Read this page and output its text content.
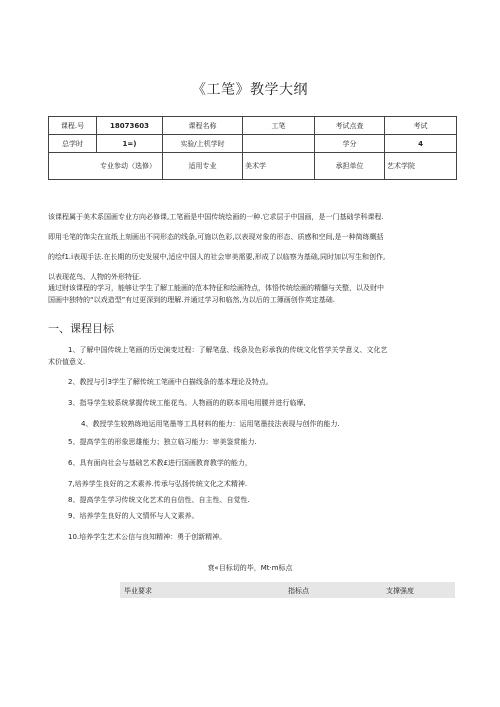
《工笔》教学大纲
课程.号	18073603	课程名称	工笔	考试点查	考试
总学时	1=)	实验/上机学时		学分	4
专业参动（选修）		适用专业	美术学	承担单位	艺术学院

该课程属于美术系国画专业方向必修课,工笔画是中国传统绘画的一种.它求层于中国画，是一门基础学科课程.
即用毛笔的饰尖在宣纸上刻画出不同形态的线条,可施以色彩,以表现对象的形态、质感和空间,是一种简练概括
的绘f1.i表现手法.在长期的历史发展中,适应中国人的社会审美需要,形成了以临察为基础,同时加以写生和创作,
以表现花鸟、人物的外形特征.

通过财该课程的学习，能够让学生了解工能画的范本特征和绘画特点，体悟传统绘画的精髓与关整，以及财中
国画中独特的“以戏造型”有过更深到的理解.并通过学习和临然,为以后的工簿画创作英定基础.

一、课程目标

1、了解中国传统上笔画的历史演变过程：了解笔盘、线条及色彩承我的传统文化哲学关学意义、文化艺

术价值意义.

2、教授与引3学生了解传统工笔画中白描线条的基本理论及特点。

3、指导学生较系统掌握传统工能花鸟、人物画的的联本用电用腰并进行临摩,

4、教授学生较熟练地运用笔墨等工具材料的能力：运用笔墨技法表现与创作的能力.

5、提高学生的形象思雄能力；独立临习能力：审美鉴赏能力.

6、具有面向社会与基础艺术教£进行国画教育教学的能力，

7,培养学生良好的之术素养.传承与弘扬传统文化之术精神.

8、提高学生学习传统文化艺术的自信性、自主性、自觉性.

9、培养学生良好的人文情怀与人文素养。

10.培养学生艺术公信与良知精神：勇于创新精神。

衰«目标切的毕，Mt·m标点
毕业要求	指标点	支撑强度
